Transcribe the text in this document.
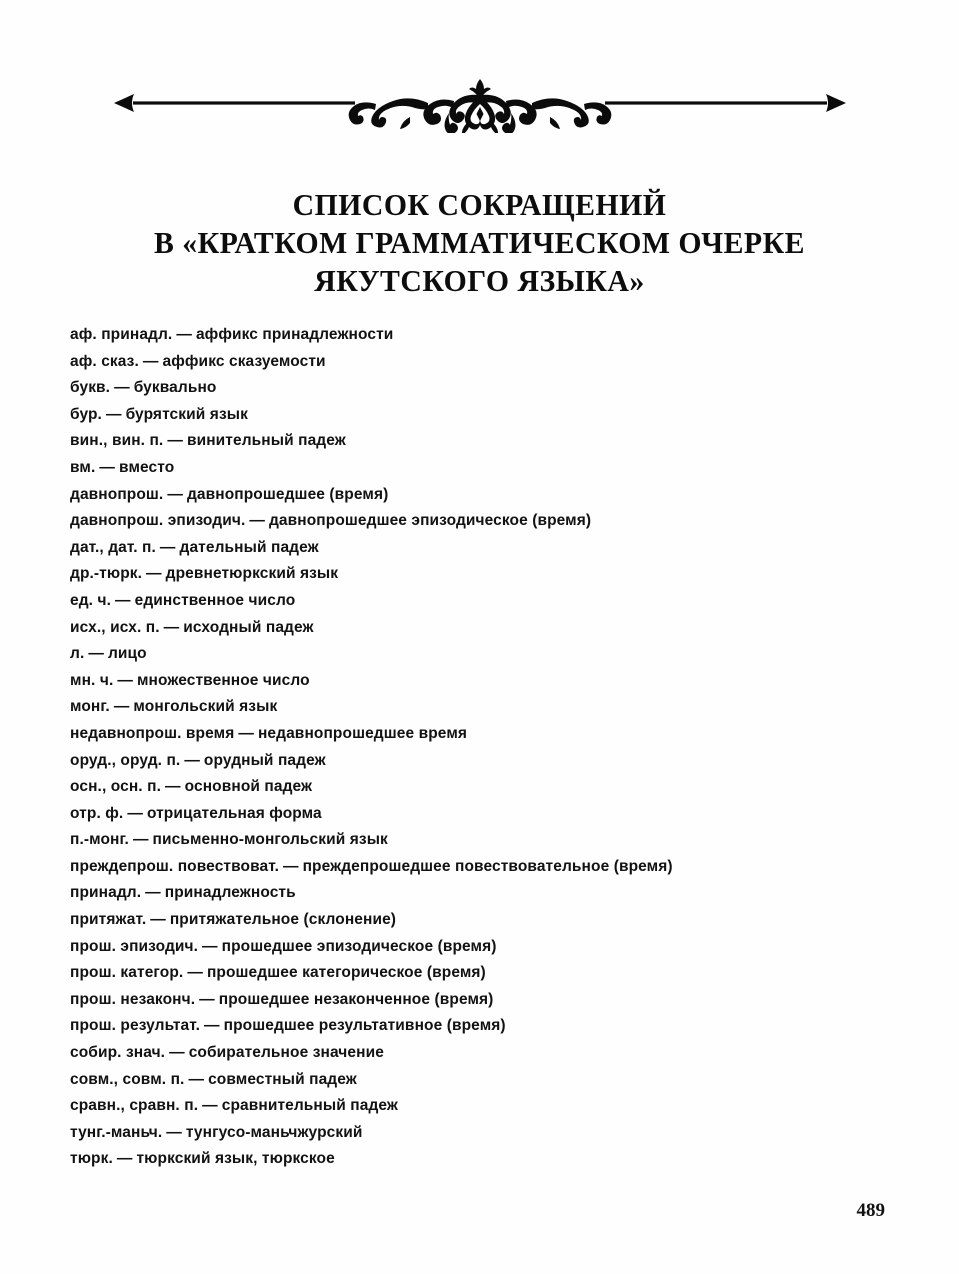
СПИСОК СОКРАЩЕНИЙ
В «КРАТКОМ ГРАММАТИЧЕСКОМ ОЧЕРКЕ
ЯКУТСКОГО ЯЗЫКА»
аф. принадл. — аффикс принадлежности
аф. сказ. — аффикс сказуемости
букв. — буквально
бур. — бурятский язык
вин., вин. п. — винительный падеж
вм. — вместо
давнопрош. — давнопрошедшее (время)
давнопрош. эпизодич. — давнопрошедшее эпизодическое (время)
дат., дат. п. — дательный падеж
др.-тюрк. — древнетюркский язык
ед. ч. — единственное число
исх., исх. п. — исходный падеж
л. — лицо
мн. ч. — множественное число
монг. — монгольский язык
недавнопрош. время — недавнопрошедшее время
оруд., оруд. п. — орудный падеж
осн., осн. п. — основной падеж
отр. ф. — отрицательная форма
п.-монг. — письменно-монгольский язык
преждепрош. повествоват. — преждепрошедшее повествовательное (время)
принадл. — принадлежность
притяжат. — притяжательное (склонение)
прош. эпизодич. — прошедшее эпизодическое (время)
прош. категор. — прошедшее категорическое (время)
прош. незаконч. — прошедшее незаконченное (время)
прош. результат. — прошедшее результативное (время)
собир. знач. — собирательное значение
совм., совм. п. — совместный падеж
сравн., сравн. п. — сравнительный падеж
тунг.-маньч. — тунгусо-маньчжурский
тюрк. — тюркский язык, тюркское
489
